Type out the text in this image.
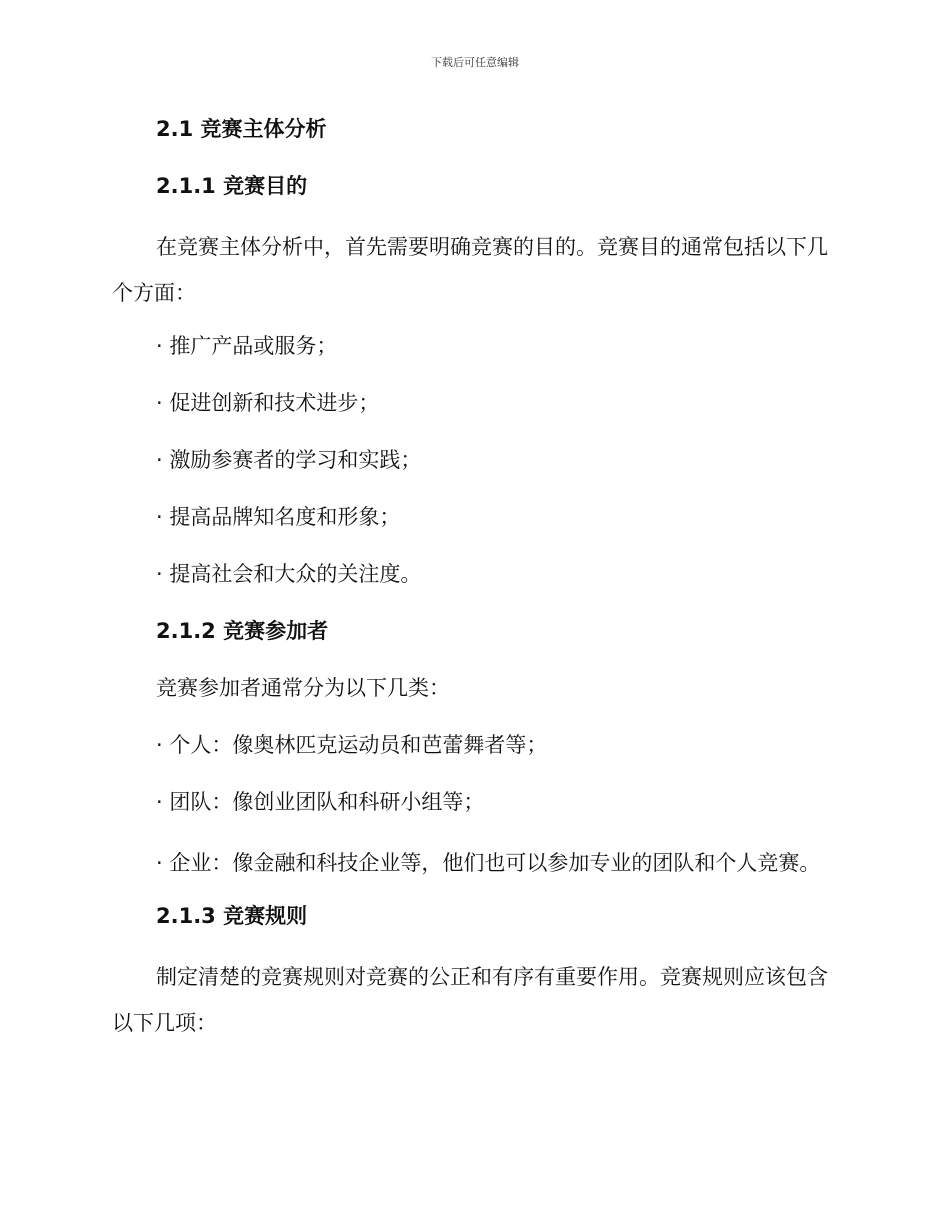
下载后可任意编辑
2.1 竞赛主体分析
2.1.1 竞赛目的
在竞赛主体分析中，首先需要明确竞赛的目的。竞赛目的通常包括以下几个方面：
· 推广产品或服务；
· 促进创新和技术进步；
· 激励参赛者的学习和实践；
· 提高品牌知名度和形象；
· 提高社会和大众的关注度。
2.1.2 竞赛参加者
竞赛参加者通常分为以下几类：
· 个人：像奥林匹克运动员和芭蕾舞者等；
· 团队：像创业团队和科研小组等；
· 企业：像金融和科技企业等，他们也可以参加专业的团队和个人竞赛。
2.1.3 竞赛规则
制定清楚的竞赛规则对竞赛的公正和有序有重要作用。竞赛规则应该包含以下几项：
